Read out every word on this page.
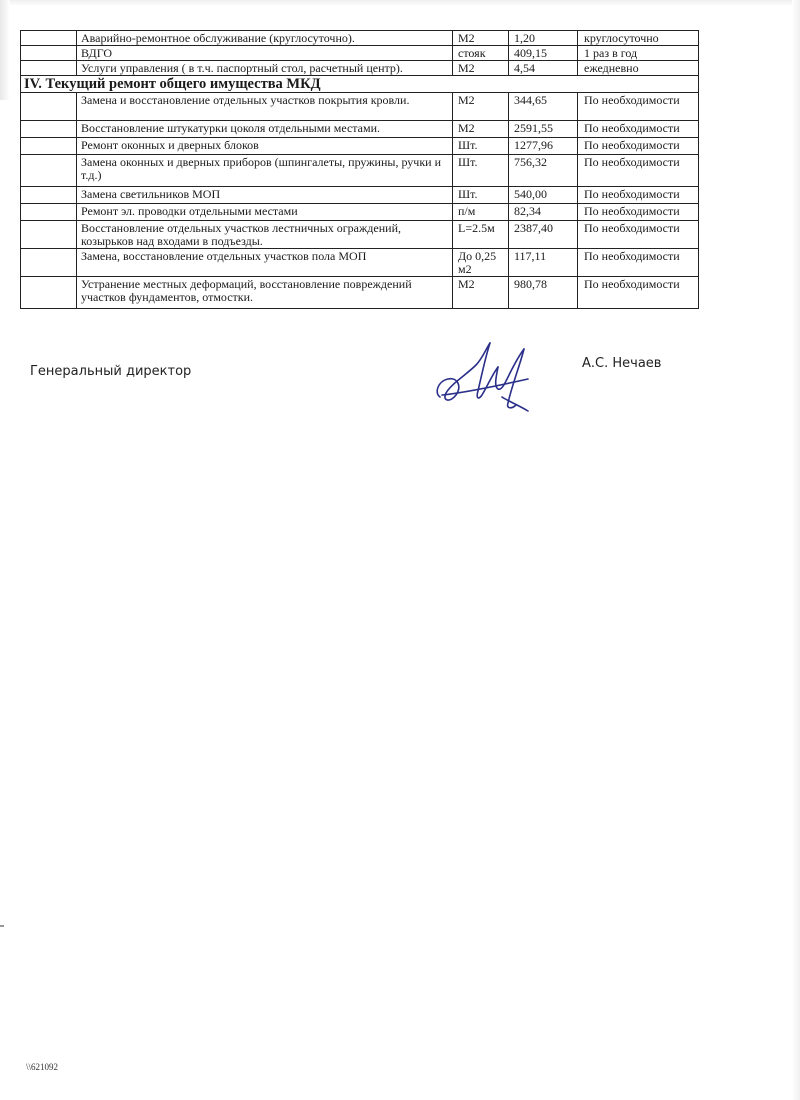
	Аварийно-ремонтное обслуживание (круглосуточно).	М2	1,20	круглосуточно
	ВДГО	стояк	409,15	1 раз в год
	Услуги управления ( в т.ч. паспортный стол, расчетный центр).	М2	4,54	ежедневно
IV. Текущий ремонт общего имущества МКД				
	Замена и восстановление отдельных участков покрытия кровли.	М2	344,65	По необходимости
	Восстановление штукатурки цоколя отдельными местами.	М2	2591,55	По необходимости
	Ремонт оконных и дверных блоков	Шт.	1277,96	По необходимости
	Замена оконных и дверных приборов (шпингалеты, пружины, ручки и т.д.)	Шт.	756,32	По необходимости
	Замена светильников МОП	Шт.	540,00	По необходимости
	Ремонт эл. проводки отдельными местами	п/м	82,34	По необходимости
	Восстановление отдельных участков лестничных ограждений, козырьков над входами в подъезды.	L=2.5м	2387,40	По необходимости
	Замена, восстановление отдельных участков пола МОП	До 0,25 м2	117,11	По необходимости
	Устранение местных деформаций, восстановление повреждений участков фундаментов, отмостки.	М2	980,78	По необходимости
Генеральный директор
А.С. Нечаев
\\621092
